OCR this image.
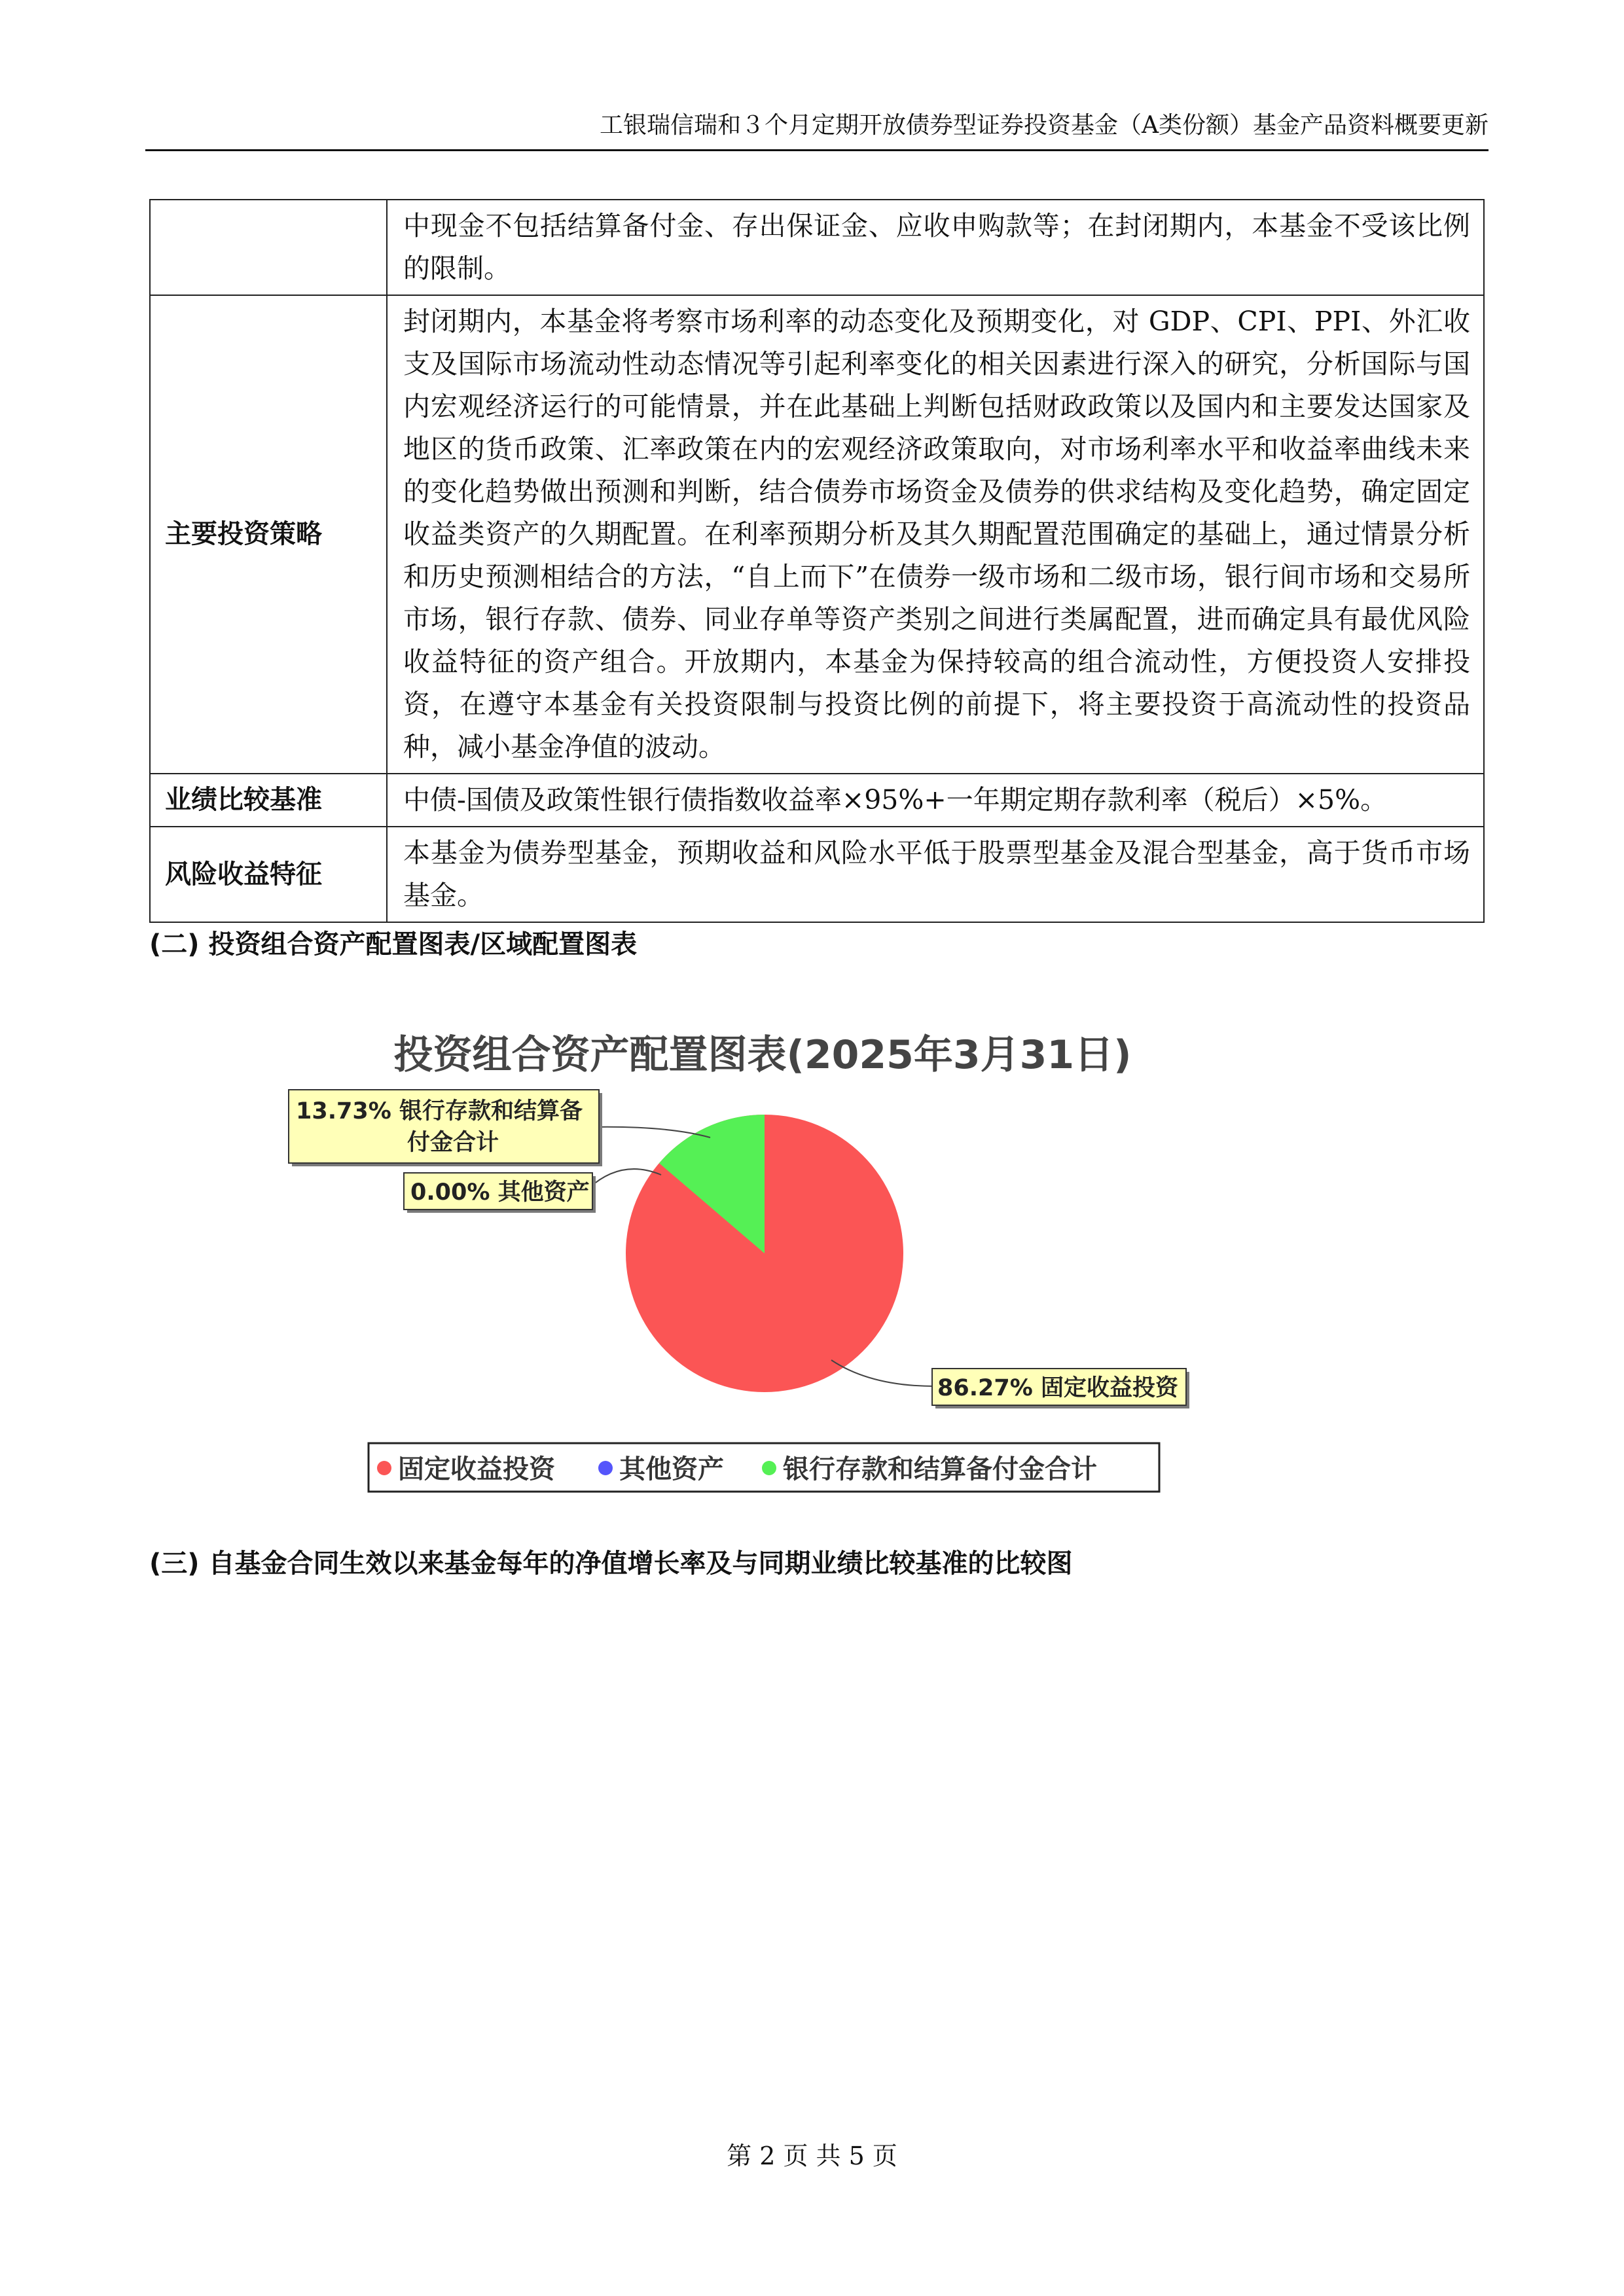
工银瑞信瑞和３个月定期开放债券型证券投资基金（A类份额）基金产品资料概要更新
	中现金不包括结算备付金、存出保证金、应收申购款等；在封闭期内，本基金不受该比例的限制。
主要投资策略	封闭期内，本基金将考察市场利率的动态变化及预期变化，对 GDP、CPI、PPI、外汇收支及国际市场流动性动态情况等引起利率变化的相关因素进行深入的研究，分析国际与国内宏观经济运行的可能情景，并在此基础上判断包括财政政策以及国内和主要发达国家及地区的货币政策、汇率政策在内的宏观经济政策取向，对市场利率水平和收益率曲线未来的变化趋势做出预测和判断，结合债券市场资金及债券的供求结构及变化趋势，确定固定收益类资产的久期配置。在利率预期分析及其久期配置范围确定的基础上，通过情景分析和历史预测相结合的方法，“自上而下”在债券一级市场和二级市场，银行间市场和交易所市场，银行存款、债券、同业存单等资产类别之间进行类属配置，进而确定具有最优风险收益特征的资产组合。开放期内，本基金为保持较高的组合流动性，方便投资人安排投资，在遵守本基金有关投资限制与投资比例的前提下，将主要投资于高流动性的投资品种，减小基金净值的波动。
业绩比较基准	中债-国债及政策性银行债指数收益率×95%+一年期定期存款利率（税后）×5%。
风险收益特征	本基金为债券型基金，预期收益和风险水平低于股票型基金及混合型基金，高于货币市场基金。
(二) 投资组合资产配置图表/区域配置图表
投资组合资产配置图表(2025年3月31日)
13.73% 银行存款和结算备
付金合计
0.00% 其他资产
86.27% 固定收益投资
固定收益投资 其他资产 银行存款和结算备付金合计
(三) 自基金合同生效以来基金每年的净值增长率及与同期业绩比较基准的比较图
第 2 页 共 5 页
